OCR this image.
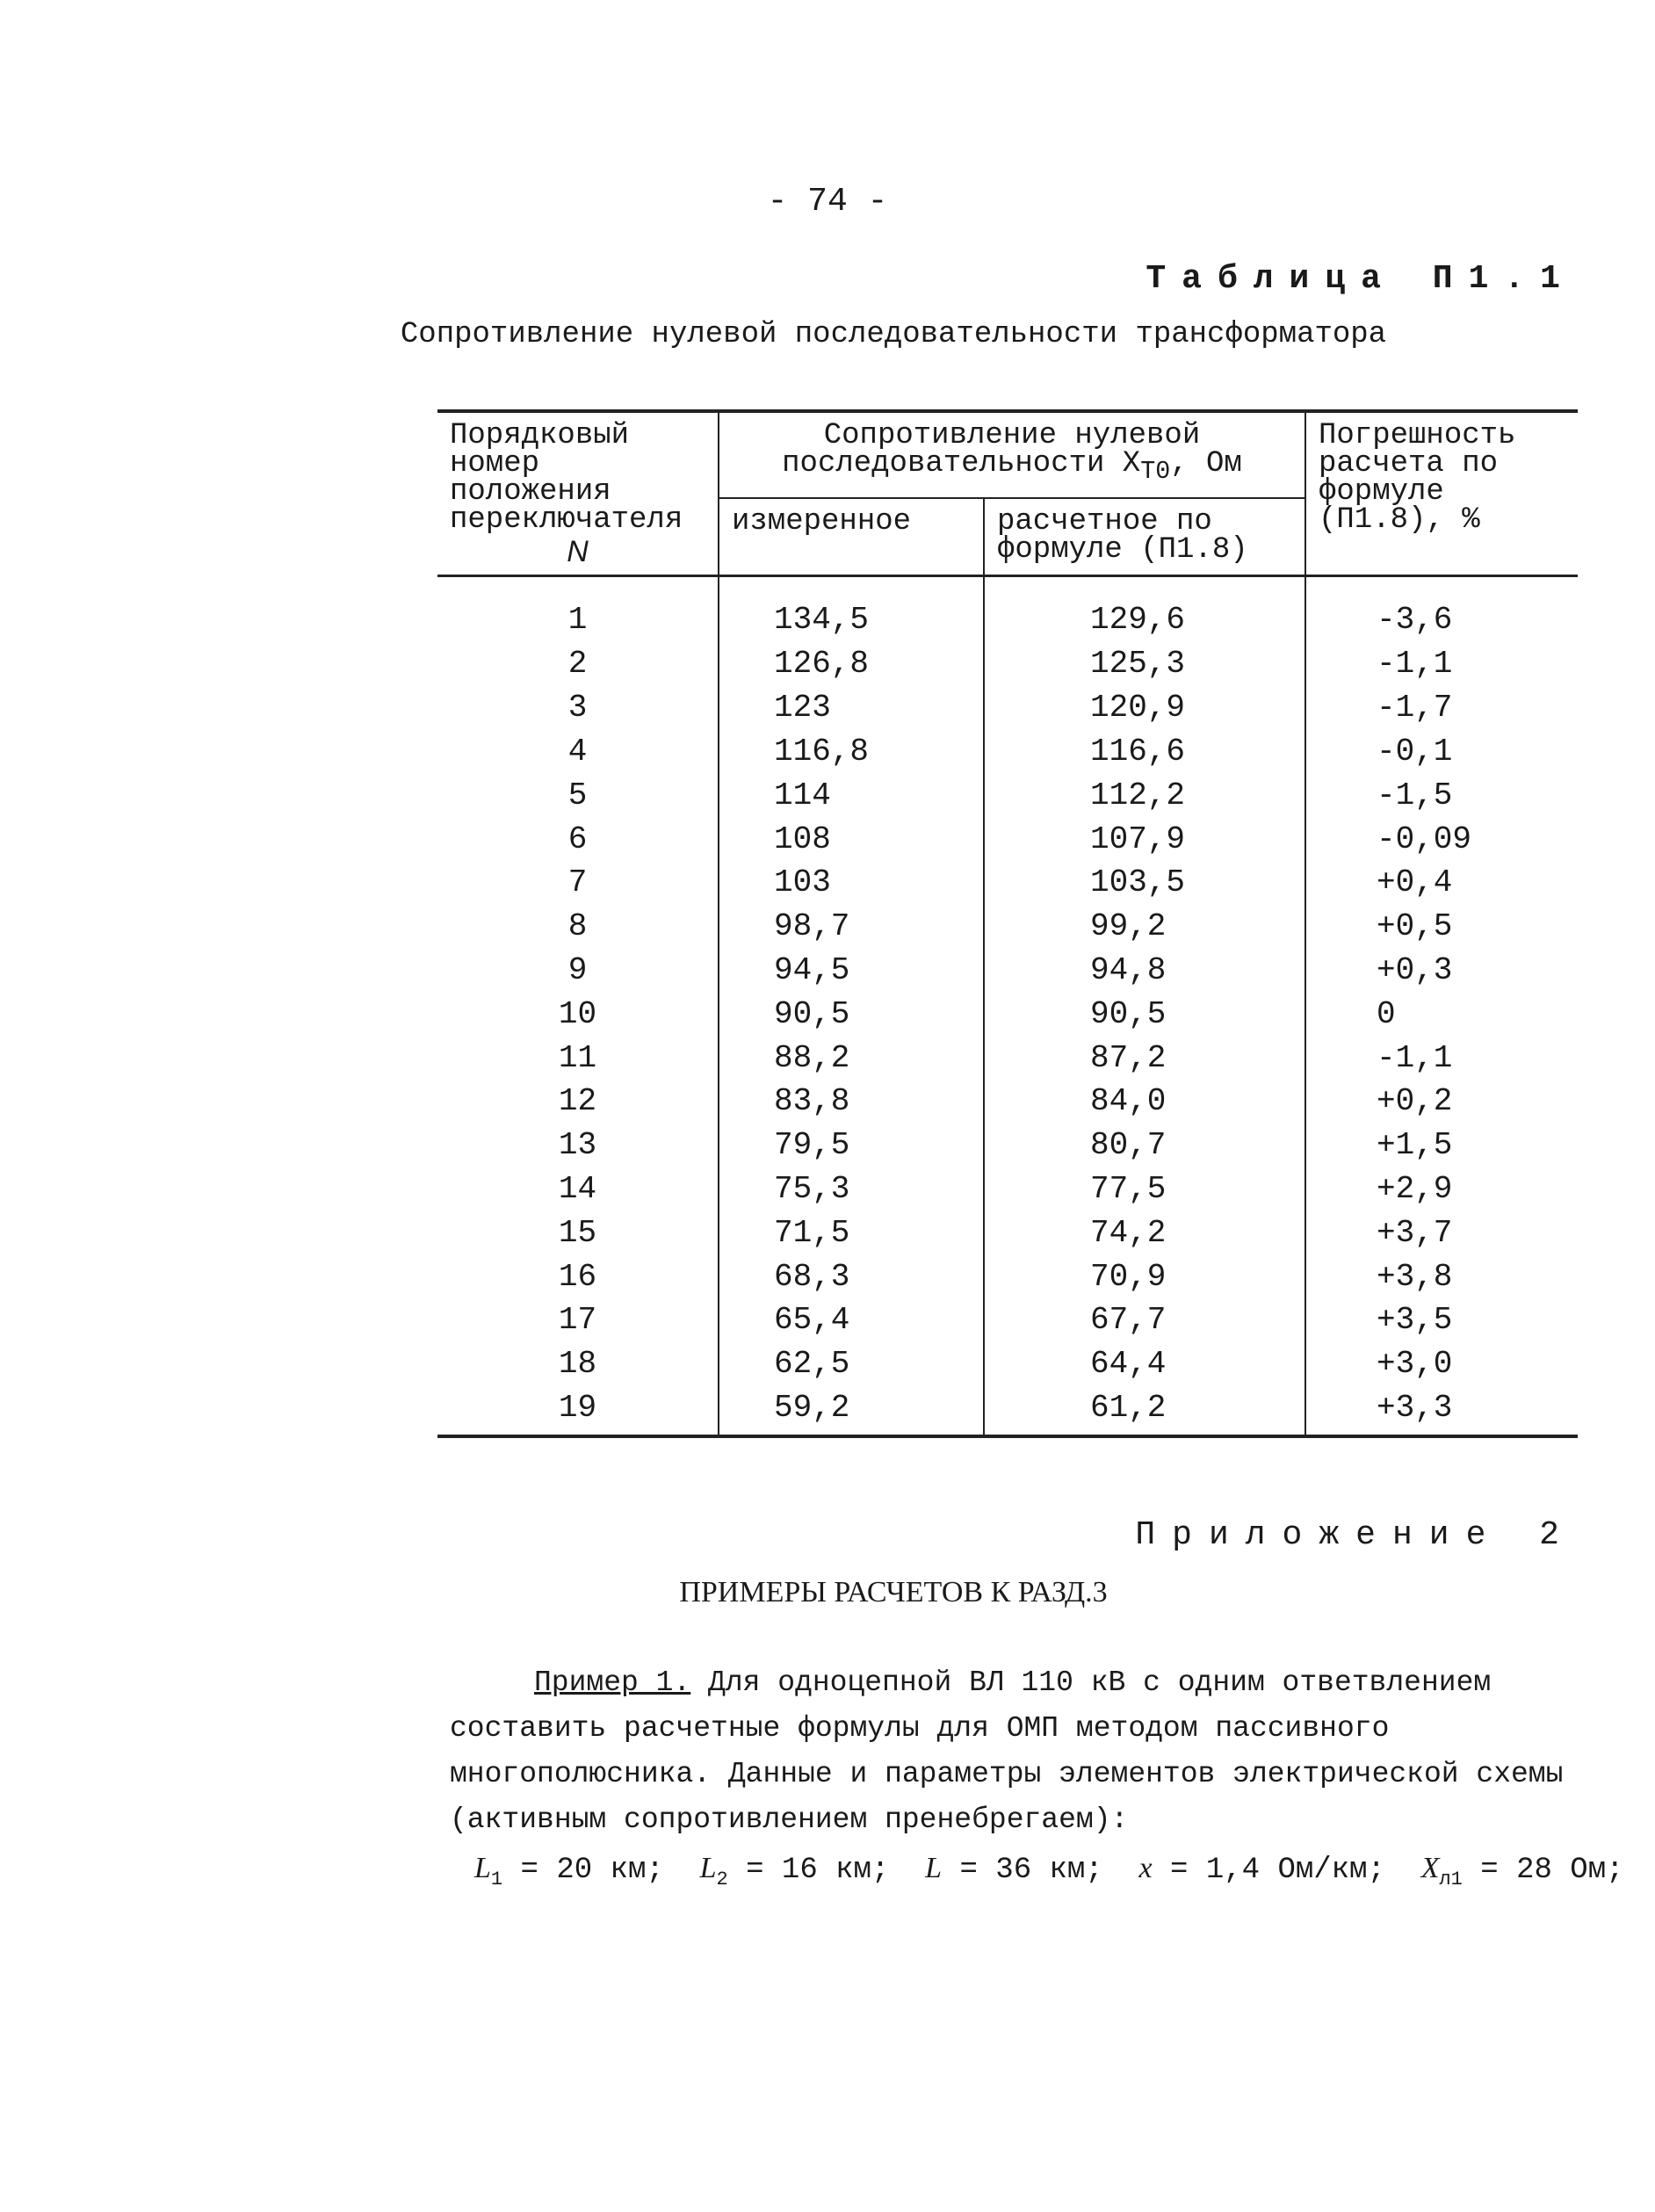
- 74 -
Таблица П1.1
Сопротивление нулевой последовательности трансформатора
Порядковый номер положения переключателя
N	Сопротивление нулевой последовательности $X_{T0}$, Ом		Погрешность расчета по формуле (П1.8), %
	измеренное	расчетное по формуле (П1.8)	
1	134,5	129,6	-3,6
2	126,8	125,3	-1,1
3	123	120,9	-1,7
4	116,8	116,6	-0,1
5	114	112,2	-1,5
6	108	107,9	-0,09
7	103	103,5	+0,4
8	98,7	99,2	+0,5
9	94,5	94,8	+0,3
10	90,5	90,5	0
11	88,2	87,2	-1,1
12	83,8	84,0	+0,2
13	79,5	80,7	+1,5
14	75,3	77,5	+2,9
15	71,5	74,2	+3,7
16	68,3	70,9	+3,8
17	65,4	67,7	+3,5
18	62,5	64,4	+3,0
19	59,2	61,2	+3,3
Приложение 2
ПРИМЕРЫ РАСЧЕТОВ К РАЗД.3
Пример 1. Для одноцепной ВЛ 110 кВ с одним ответвлением составить расчетные формулы для ОМП методом пассивного многополюсника. Данные и параметры элементов электрической схемы (активным сопротивлением пренебрегаем):
$L_1 = 20$ км; $L_2 = 16$ км; L = 36 км; x = 1,4 Ом/км; $X_{л1} = 28$ Ом;
